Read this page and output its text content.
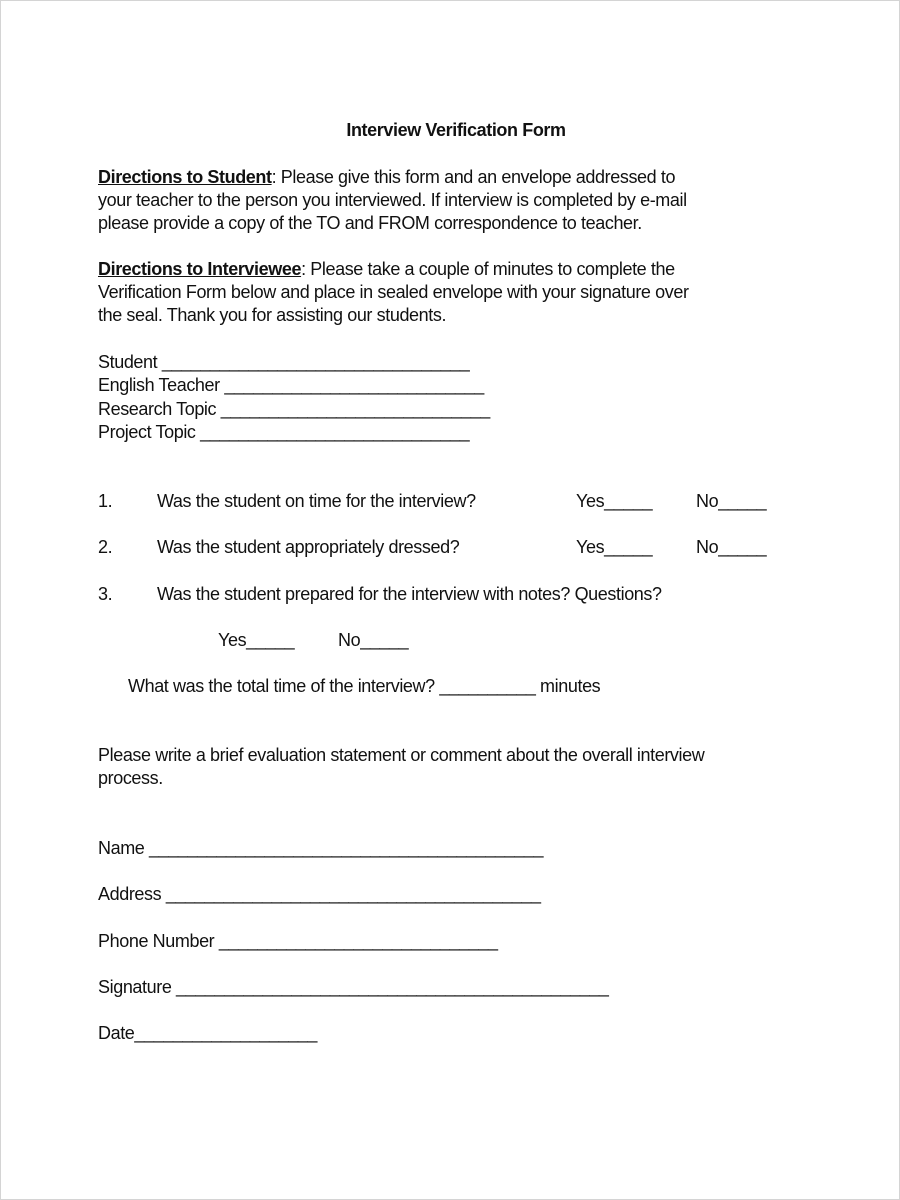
Interview Verification Form
Directions to Student: Please give this form and an envelope addressed to
your teacher to the person you interviewed. If interview is completed by e-mail
please provide a copy of the TO and FROM correspondence to teacher.
Directions to Interviewee: Please take a couple of minutes to complete the
Verification Form below and place in sealed envelope with your signature over
the seal. Thank you for assisting our students.
Student ________________________________
English Teacher ___________________________
Research Topic ____________________________
Project Topic ____________________________
1. Was the student on time for the interview?	Yes_____ No_____
2. Was the student appropriately dressed?	Yes_____ No_____
3. Was the student prepared for the interview with notes? Questions?
Yes_____ No_____
What was the total time of the interview? __________ minutes
Please write a brief evaluation statement or comment about the overall interview
process.
Name _________________________________________
Address _______________________________________
Phone Number _____________________________
Signature _____________________________________________
Date___________________
